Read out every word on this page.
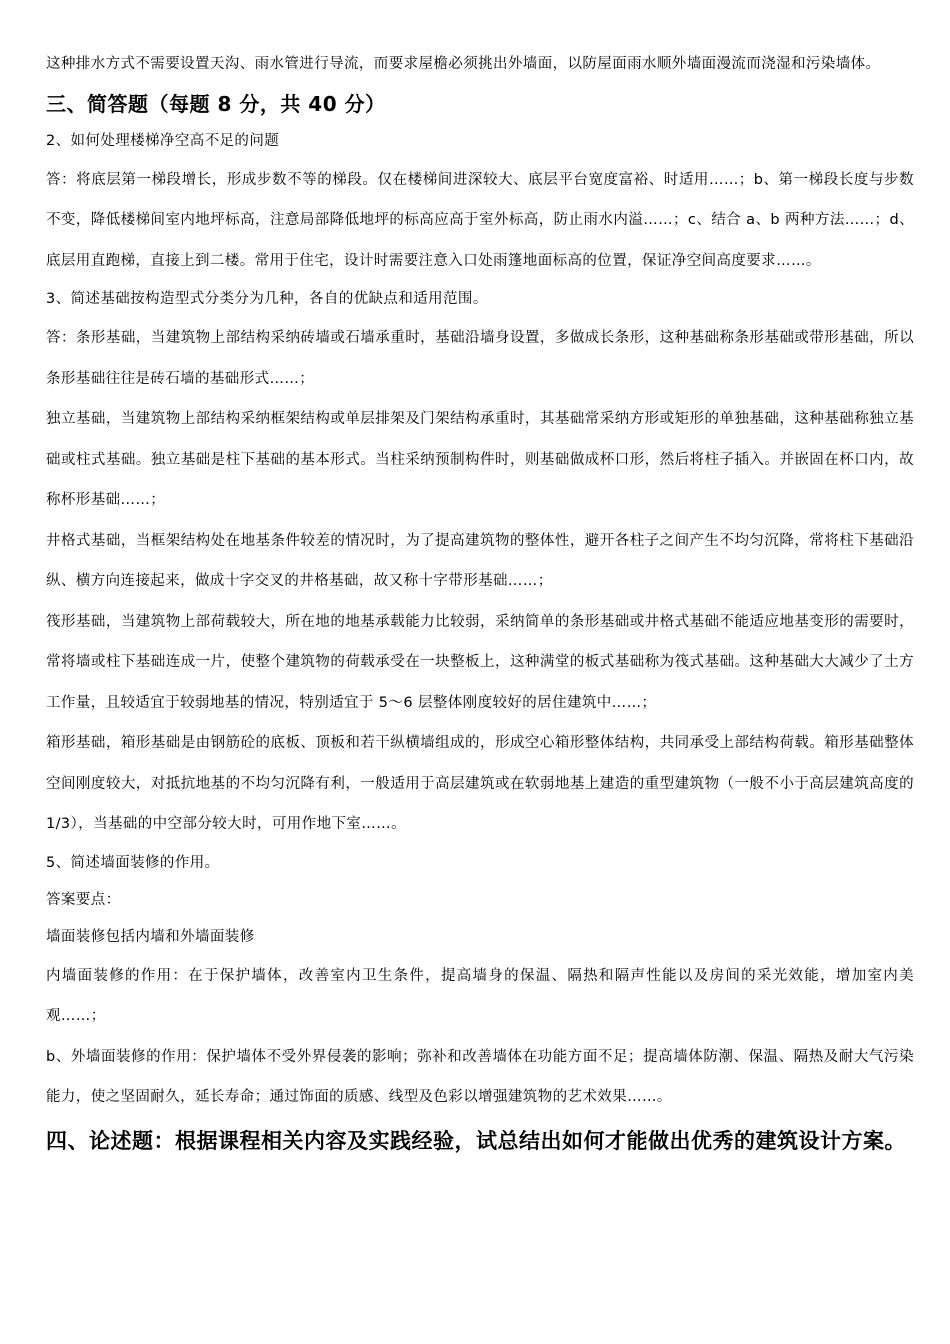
这种排水方式不需要设置天沟、雨水管进行导流，而要求屋檐必须挑出外墙面，以防屋面雨水顺外墙面漫流而浇湿和污染墙体。

三、简答题（每题 8 分，共 40 分）

2、如何处理楼梯净空高不足的问题

答：将底层第一梯段增长，形成步数不等的梯段。仅在楼梯间进深较大、底层平台宽度富裕、时适用……；b、第一梯段长度与步数不变，降低楼梯间室内地坪标高，注意局部降低地坪的标高应高于室外标高，防止雨水内溢……；c、结合 a、b 两种方法……；d、底层用直跑梯，直接上到二楼。常用于住宅，设计时需要注意入口处雨篷地面标高的位置，保证净空间高度要求……。

3、简述基础按构造型式分类分为几种，各自的优缺点和适用范围。

答：条形基础，当建筑物上部结构采纳砖墙或石墙承重时，基础沿墙身设置，多做成长条形，这种基础称条形基础或带形基础，所以条形基础往往是砖石墙的基础形式……；

独立基础，当建筑物上部结构采纳框架结构或单层排架及门架结构承重时，其基础常采纳方形或矩形的单独基础，这种基础称独立基础或柱式基础。独立基础是柱下基础的基本形式。当柱采纳预制构件时，则基础做成杯口形，然后将柱子插入。并嵌固在杯口内，故称杯形基础……；

井格式基础，当框架结构处在地基条件较差的情况时，为了提高建筑物的整体性，避开各柱子之间产生不均匀沉降，常将柱下基础沿纵、横方向连接起来，做成十字交叉的井格基础，故又称十字带形基础……；

筏形基础，当建筑物上部荷载较大，所在地的地基承载能力比较弱，采纳简单的条形基础或井格式基础不能适应地基变形的需要时，常将墙或柱下基础连成一片，使整个建筑物的荷载承受在一块整板上，这种满堂的板式基础称为筏式基础。这种基础大大减少了土方工作量，且较适宜于较弱地基的情况，特别适宜于 5～6 层整体刚度较好的居住建筑中……；

箱形基础，箱形基础是由钢筋砼的底板、顶板和若干纵横墙组成的，形成空心箱形整体结构，共同承受上部结构荷载。箱形基础整体空间刚度较大，对抵抗地基的不均匀沉降有利，一般适用于高层建筑或在软弱地基上建造的重型建筑物（一般不小于高层建筑高度的 1/3），当基础的中空部分较大时，可用作地下室……。

5、简述墙面装修的作用。

答案要点：

墙面装修包括内墙和外墙面装修

内墙面装修的作用：在于保护墙体，改善室内卫生条件，提高墙身的保温、隔热和隔声性能以及房间的采光效能，增加室内美观……；

b、外墙面装修的作用：保护墙体不受外界侵袭的影响；弥补和改善墙体在功能方面不足；提高墙体防潮、保温、隔热及耐大气污染能力，使之坚固耐久，延长寿命；通过饰面的质感、线型及色彩以增强建筑物的艺术效果……。

四、论述题：根据课程相关内容及实践经验，试总结出如何才能做出优秀的建筑设计方案。
